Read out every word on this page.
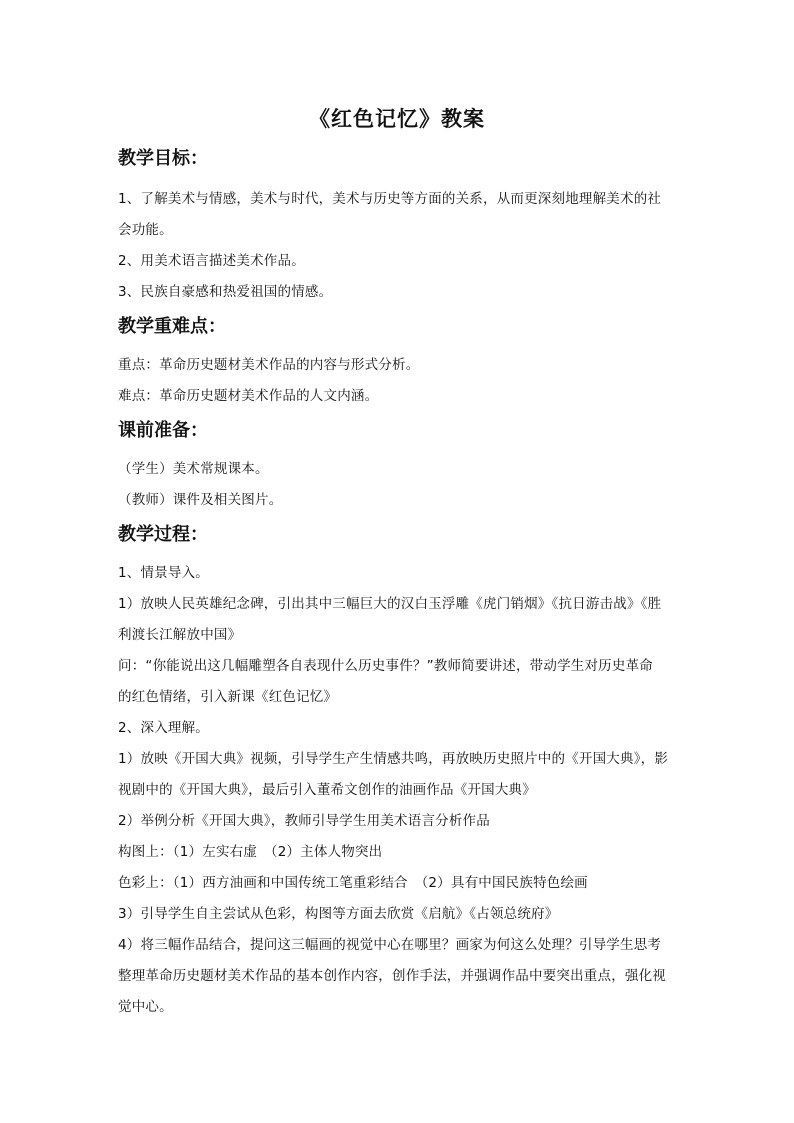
《红色记忆》教案
教学目标：
1、了解美术与情感，美术与时代，美术与历史等方面的关系，从而更深刻地理解美术的社
会功能。
2、用美术语言描述美术作品。
3、民族自豪感和热爱祖国的情感。
教学重难点：
重点：革命历史题材美术作品的内容与形式分析。
难点：革命历史题材美术作品的人文内涵。
课前准备：
（学生）美术常规课本。
（教师）课件及相关图片。
教学过程：
1、情景导入。
1）放映人民英雄纪念碑，引出其中三幅巨大的汉白玉浮雕《虎门销烟》《抗日游击战》《胜
利渡长江解放中国》
问：“你能说出这几幅雕塑各自表现什么历史事件？”教师简要讲述，带动学生对历史革命
的红色情绪，引入新课《红色记忆》
2、深入理解。
1）放映《开国大典》视频，引导学生产生情感共鸣，再放映历史照片中的《开国大典》，影
视剧中的《开国大典》，最后引入董希文创作的油画作品《开国大典》
2）举例分析《开国大典》，教师引导学生用美术语言分析作品
构图上：（1）左实右虚　（2）主体人物突出
色彩上：（1）西方油画和中国传统工笔重彩结合　（2）具有中国民族特色绘画
3）引导学生自主尝试从色彩，构图等方面去欣赏《启航》《占领总统府》
4）将三幅作品结合，提问这三幅画的视觉中心在哪里？画家为何这么处理？引导学生思考
整理革命历史题材美术作品的基本创作内容，创作手法，并强调作品中要突出重点，强化视
觉中心。
